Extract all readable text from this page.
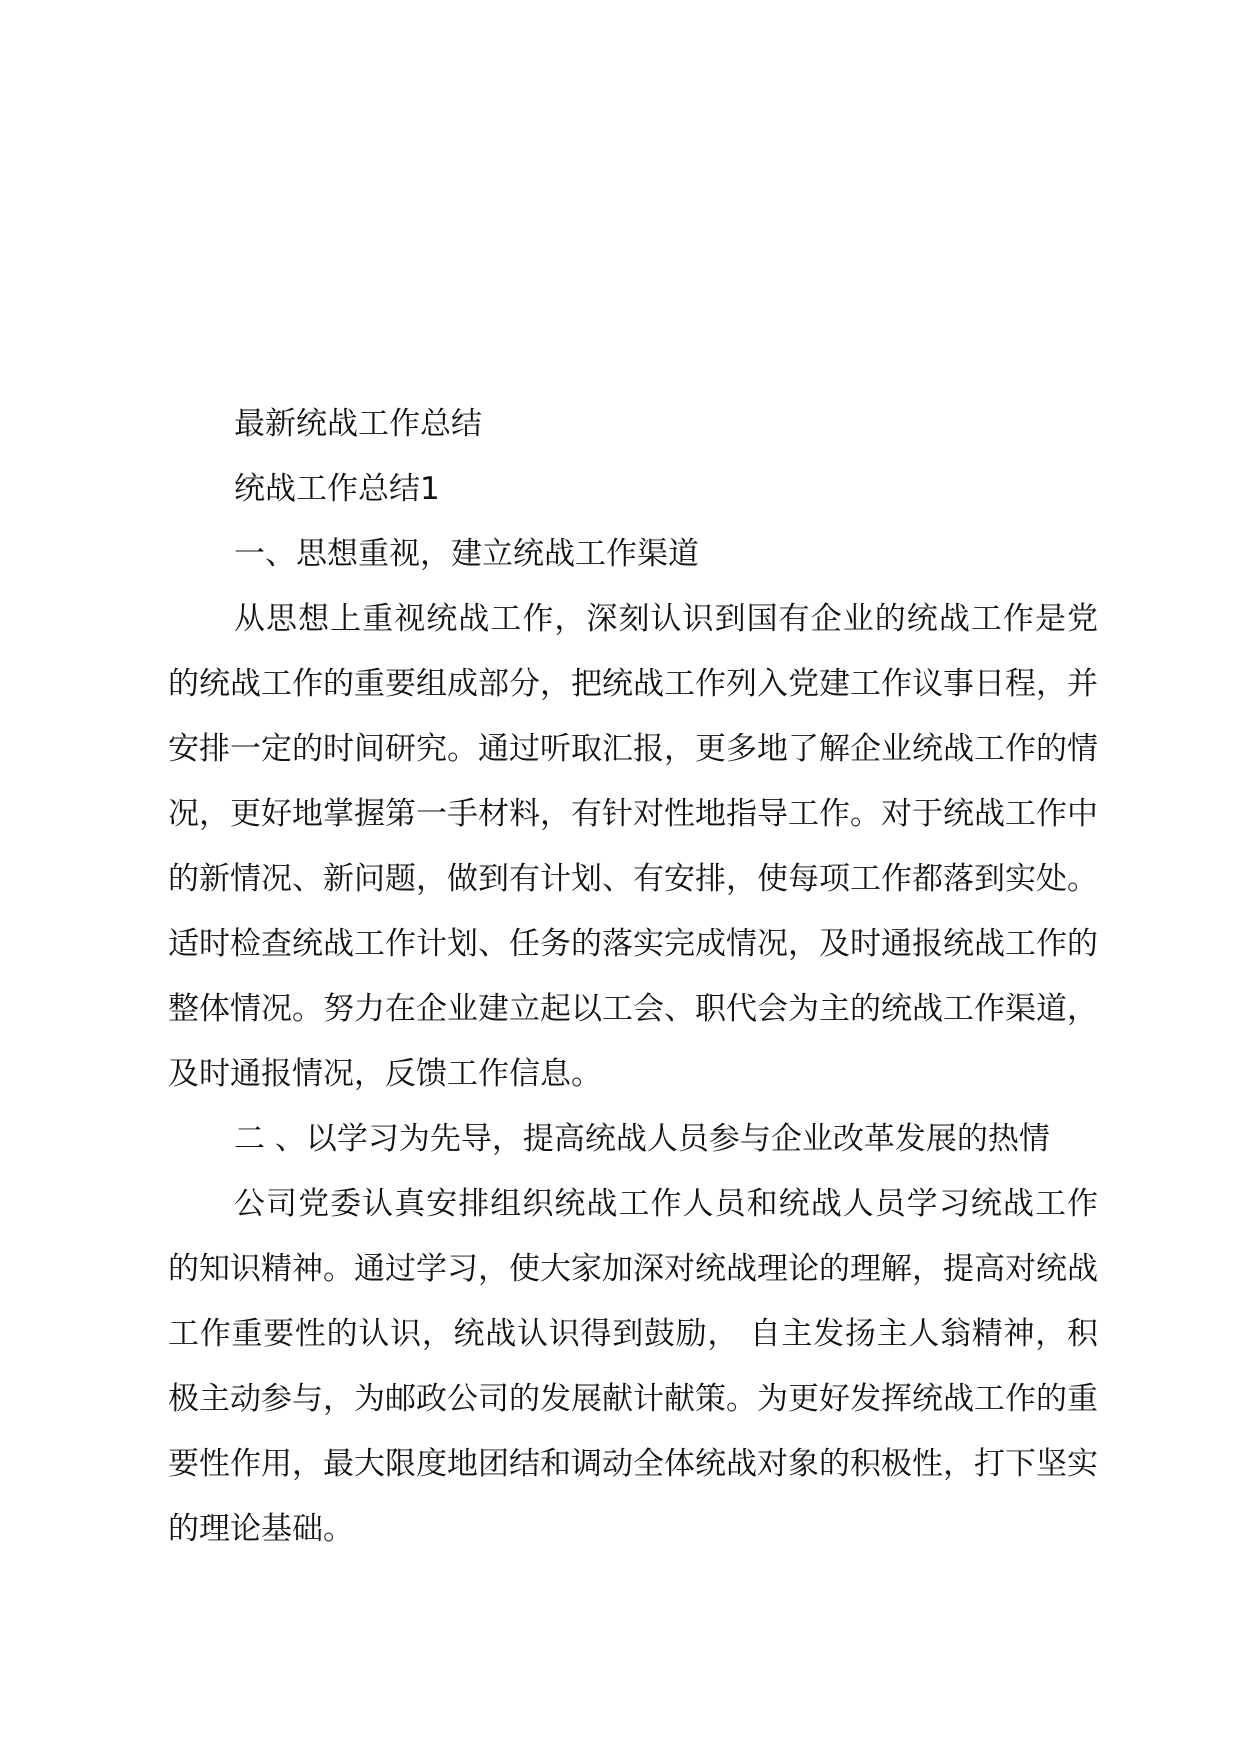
最新统战工作总结
统战工作总结1
一、思想重视，建立统战工作渠道

从思想上重视统战工作，深刻认识到国有企业的统战工作是党的统战工作的重要组成部分，把统战工作列入党建工作议事日程，并安排一定的时间研究。通过听取汇报，更多地了解企业统战工作的情况，更好地掌握第一手材料，有针对性地指导工作。对于统战工作中的新情况、新问题，做到有计划、有安排，使每项工作都落到实处。适时检查统战工作计划、任务的落实完成情况，及时通报统战工作的整体情况。努力在企业建立起以工会、职代会为主的统战工作渠道，及时通报情况，反馈工作信息。

二 、以学习为先导，提高统战人员参与企业改革发展的热情

公司党委认真安排组织统战工作人员和统战人员学习统战工作的知识精神。通过学习，使大家加深对统战理论的理解，提高对统战工作重要性的认识，统战认识得到鼓励， 自主发扬主人翁精神，积极主动参与，为邮政公司的发展献计献策。为更好发挥统战工作的重要性作用，最大限度地团结和调动全体统战对象的积极性，打下坚实的理论基础。
